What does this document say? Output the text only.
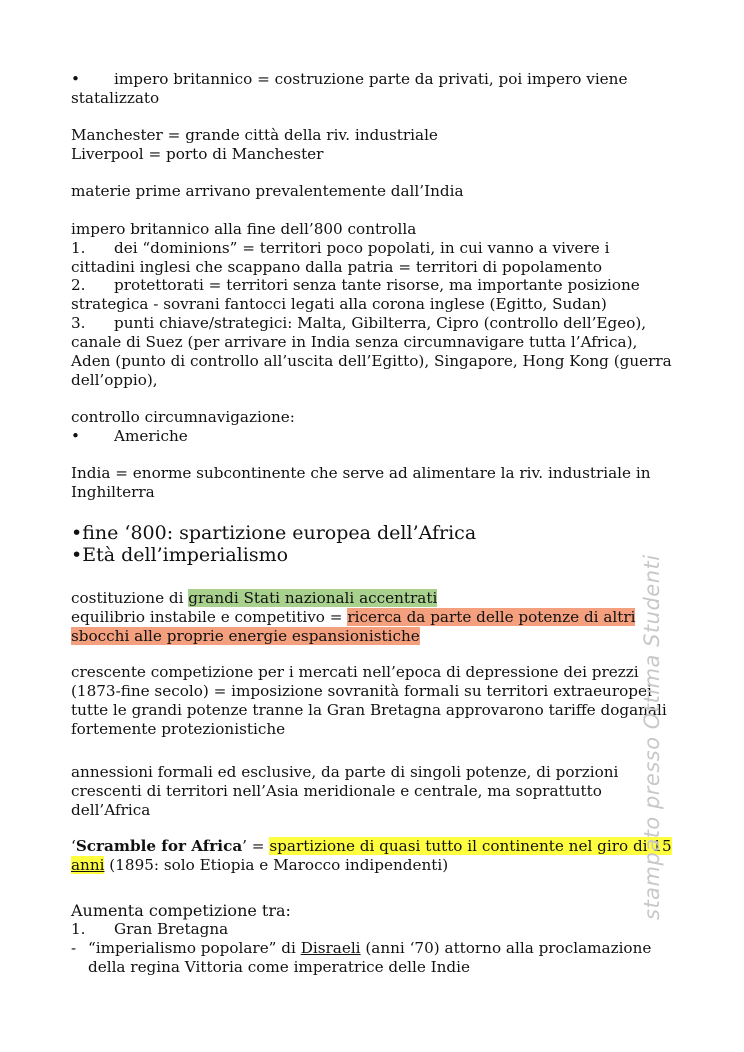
• impero britannico = costruzione parte da privati, poi impero viene
statalizzato
Manchester = grande città della riv. industriale
Liverpool = porto di Manchester
materie prime arrivano prevalentemente dall’India
impero britannico alla fine dell’800 controlla
1. dei “dominions” = territori poco popolati, in cui vanno a vivere i
cittadini inglesi che scappano dalla patria = territori di popolamento
2. protettorati = territori senza tante risorse, ma importante posizione
strategica - sovrani fantocci legati alla corona inglese (Egitto, Sudan)
3. punti chiave/strategici: Malta, Gibilterra, Cipro (controllo dell’Egeo),
canale di Suez (per arrivare in India senza circumnavigare tutta l’Africa),
Aden (punto di controllo all’uscita dell’Egitto), Singapore, Hong Kong (guerra
dell’oppio),
controllo circumnavigazione:
• Americhe
India = enorme subcontinente che serve ad alimentare la riv. industriale in
Inghilterra
•fine ‘800: spartizione europea dell’Africa
•Età dell’imperialismo
costituzione di grandi Stati nazionali accentrati
equilibrio instabile e competitivo = ricerca da parte delle potenze di altri
sbocchi alle proprie energie espansionistiche
crescente competizione per i mercati nell’epoca di depressione dei prezzi
(1873-fine secolo) = imposizione sovranità formali su territori extraeuropei
tutte le grandi potenze tranne la Gran Bretagna approvarono tariffe doganali
fortemente protezionistiche
annessioni formali ed esclusive, da parte di singoli potenze, di porzioni
crescenti di territori nell’Asia meridionale e centrale, ma soprattutto
dell’Africa
‘Scramble for Africa’ = spartizione di quasi tutto il continente nel giro di 15
anni (1895: solo Etiopia e Marocco indipendenti)
Aumenta competizione tra:
1. Gran Bretagna
- “imperialismo popolare” di Disraeli (anni ‘70) attorno alla proclamazione
della regina Vittoria come imperatrice delle Indie
stampato presso Ottima Studenti
